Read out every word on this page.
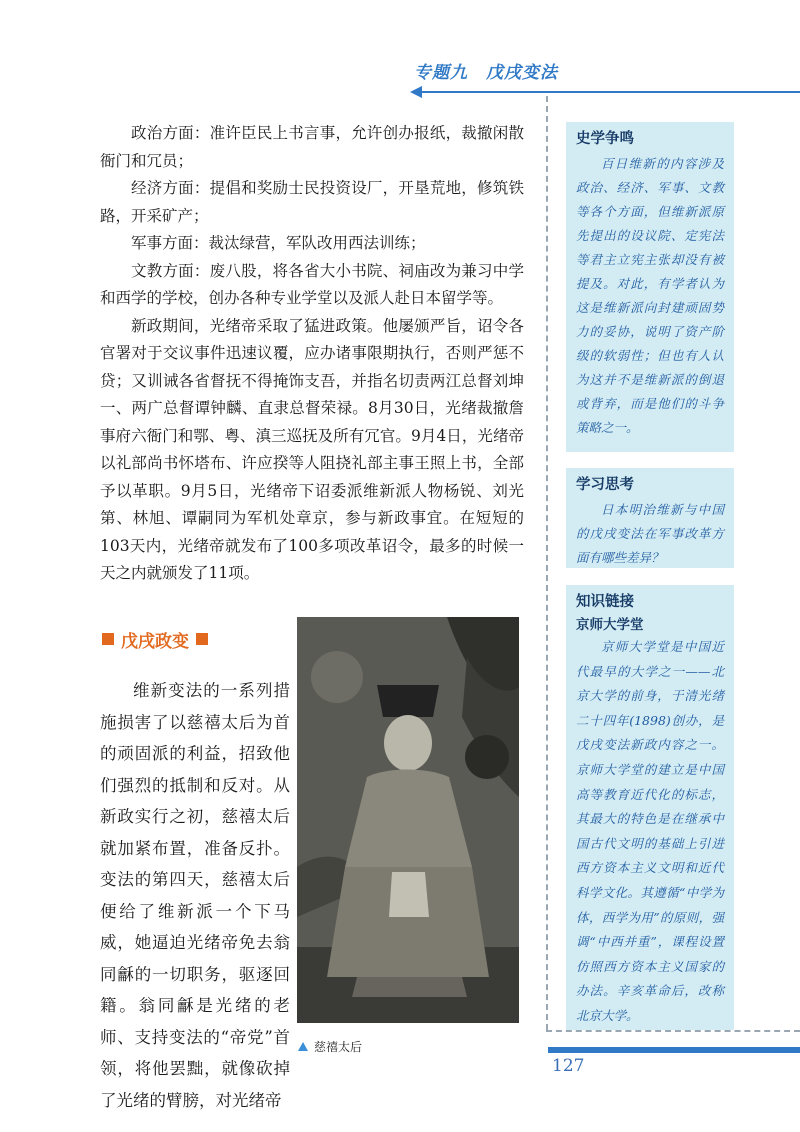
专题九　戊戌变法

政治方面：准许臣民上书言事，允许创办报纸，裁撤闲散衙门和冗员；

经济方面：提倡和奖励士民投资设厂，开垦荒地，修筑铁路，开采矿产；

军事方面：裁汰绿营，军队改用西法训练；

文教方面：废八股，将各省大小书院、祠庙改为兼习中学和西学的学校，创办各种专业学堂以及派人赴日本留学等。

新政期间，光绪帝采取了猛进政策。他屡颁严旨，诏令各官署对于交议事件迅速议覆，应办诸事限期执行，否则严惩不贷；又训诫各省督抚不得掩饰支吾，并指名切责两江总督刘坤一、两广总督谭钟麟、直隶总督荣禄。8月30日，光绪裁撤詹事府六衙门和鄂、粤、滇三巡抚及所有冗官。9月4日，光绪帝以礼部尚书怀塔布、许应揆等人阻挠礼部主事王照上书，全部予以革职。9月5日，光绪帝下诏委派维新派人物杨锐、刘光第、林旭、谭嗣同为军机处章京，参与新政事宜。在短短的103天内，光绪帝就发布了100多项改革诏令，最多的时候一天之内就颁发了11项。

戊戌政变

维新变法的一系列措施损害了以慈禧太后为首的顽固派的利益，招致他们强烈的抵制和反对。从新政实行之初，慈禧太后就加紧布置，准备反扑。变法的第四天，慈禧太后便给了维新派一个下马威，她逼迫光绪帝免去翁同龢的一切职务，驱逐回籍。翁同龢是光绪的老师、支持变法的“帝党”首领，将他罢黜，就像砍掉了光绪的臂膀，对光绪帝

慈禧太后
史学争鸣

百日维新的内容涉及政治、经济、军事、文教等各个方面，但维新派原先提出的设议院、定宪法等君主立宪主张却没有被提及。对此，有学者认为这是维新派向封建顽固势力的妥协，说明了资产阶级的软弱性；但也有人认为这并不是维新派的倒退或背弃，而是他们的斗争策略之一。

学习思考

日本明治维新与中国的戊戌变法在军事改革方面有哪些差异？

知识链接
京师大学堂

京师大学堂是中国近代最早的大学之一——北京大学的前身，于清光绪二十四年(1898)创办，是戊戌变法新政内容之一。京师大学堂的建立是中国高等教育近代化的标志，其最大的特色是在继承中国古代文明的基础上引进西方资本主义文明和近代科学文化。其遵循“中学为体，西学为用”的原则，强调“中西并重”，课程设置仿照西方资本主义国家的办法。辛亥革命后，改称北京大学。

127
